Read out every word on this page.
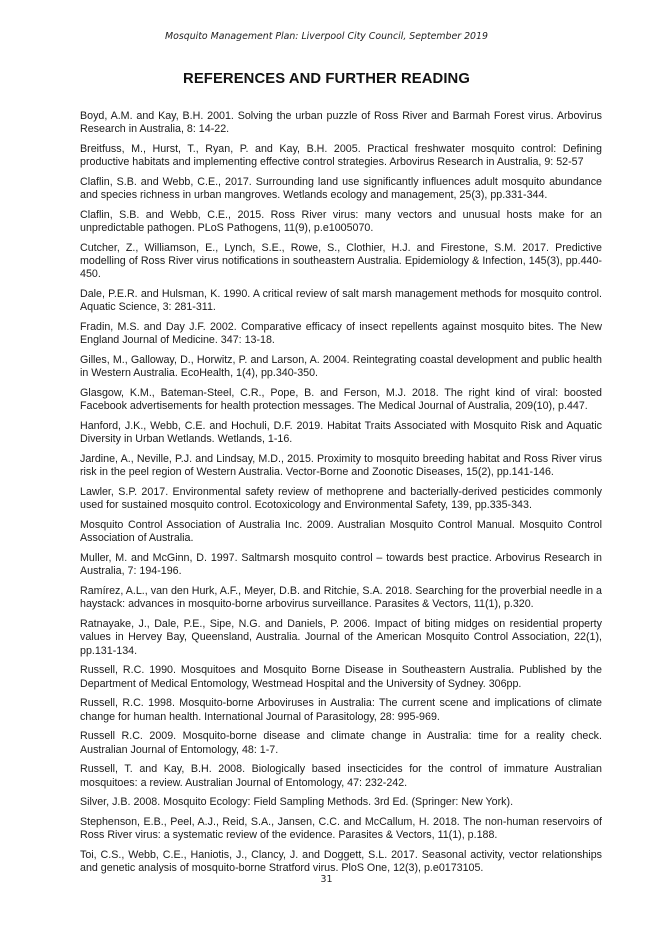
Mosquito Management Plan: Liverpool City Council, September 2019
REFERENCES AND FURTHER READING
Boyd, A.M. and Kay, B.H. 2001. Solving the urban puzzle of Ross River and Barmah Forest virus. Arbovirus Research in Australia, 8: 14-22.
Breitfuss, M., Hurst, T., Ryan, P. and Kay, B.H. 2005. Practical freshwater mosquito control: Defining productive habitats and implementing effective control strategies. Arbovirus Research in Australia, 9: 52-57
Claflin, S.B. and Webb, C.E., 2017. Surrounding land use significantly influences adult mosquito abundance and species richness in urban mangroves. Wetlands ecology and management, 25(3), pp.331-344.
Claflin, S.B. and Webb, C.E., 2015. Ross River virus: many vectors and unusual hosts make for an unpredictable pathogen. PLoS Pathogens, 11(9), p.e1005070.
Cutcher, Z., Williamson, E., Lynch, S.E., Rowe, S., Clothier, H.J. and Firestone, S.M. 2017. Predictive modelling of Ross River virus notifications in southeastern Australia. Epidemiology & Infection, 145(3), pp.440-450.
Dale, P.E.R. and Hulsman, K. 1990. A critical review of salt marsh management methods for mosquito control. Aquatic Science, 3: 281-311.
Fradin, M.S. and Day J.F. 2002. Comparative efficacy of insect repellents against mosquito bites. The New England Journal of Medicine. 347: 13-18.
Gilles, M., Galloway, D., Horwitz, P. and Larson, A. 2004. Reintegrating coastal development and public health in Western Australia. EcoHealth, 1(4), pp.340-350.
Glasgow, K.M., Bateman-Steel, C.R., Pope, B. and Ferson, M.J. 2018. The right kind of viral: boosted Facebook advertisements for health protection messages. The Medical Journal of Australia, 209(10), p.447.
Hanford, J.K., Webb, C.E. and Hochuli, D.F. 2019. Habitat Traits Associated with Mosquito Risk and Aquatic Diversity in Urban Wetlands. Wetlands, 1-16.
Jardine, A., Neville, P.J. and Lindsay, M.D., 2015. Proximity to mosquito breeding habitat and Ross River virus risk in the peel region of Western Australia. Vector-Borne and Zoonotic Diseases, 15(2), pp.141-146.
Lawler, S.P. 2017. Environmental safety review of methoprene and bacterially-derived pesticides commonly used for sustained mosquito control. Ecotoxicology and Environmental Safety, 139, pp.335-343.
Mosquito Control Association of Australia Inc. 2009. Australian Mosquito Control Manual. Mosquito Control Association of Australia.
Muller, M. and McGinn, D. 1997. Saltmarsh mosquito control – towards best practice. Arbovirus Research in Australia, 7: 194-196.
Ramírez, A.L., van den Hurk, A.F., Meyer, D.B. and Ritchie, S.A. 2018. Searching for the proverbial needle in a haystack: advances in mosquito-borne arbovirus surveillance. Parasites & Vectors, 11(1), p.320.
Ratnayake, J., Dale, P.E., Sipe, N.G. and Daniels, P. 2006. Impact of biting midges on residential property values in Hervey Bay, Queensland, Australia. Journal of the American Mosquito Control Association, 22(1), pp.131-134.
Russell, R.C. 1990. Mosquitoes and Mosquito Borne Disease in Southeastern Australia. Published by the Department of Medical Entomology, Westmead Hospital and the University of Sydney. 306pp.
Russell, R.C. 1998. Mosquito-borne Arboviruses in Australia: The current scene and implications of climate change for human health. International Journal of Parasitology, 28: 995-969.
Russell R.C. 2009. Mosquito-borne disease and climate change in Australia: time for a reality check. Australian Journal of Entomology, 48: 1-7.
Russell, T. and Kay, B.H. 2008. Biologically based insecticides for the control of immature Australian mosquitoes: a review. Australian Journal of Entomology, 47: 232-242.
Silver, J.B. 2008. Mosquito Ecology: Field Sampling Methods. 3rd Ed. (Springer: New York).
Stephenson, E.B., Peel, A.J., Reid, S.A., Jansen, C.C. and McCallum, H. 2018. The non-human reservoirs of Ross River virus: a systematic review of the evidence. Parasites & Vectors, 11(1), p.188.
Toi, C.S., Webb, C.E., Haniotis, J., Clancy, J. and Doggett, S.L. 2017. Seasonal activity, vector relationships and genetic analysis of mosquito-borne Stratford virus. PloS One, 12(3), p.e0173105.
31
